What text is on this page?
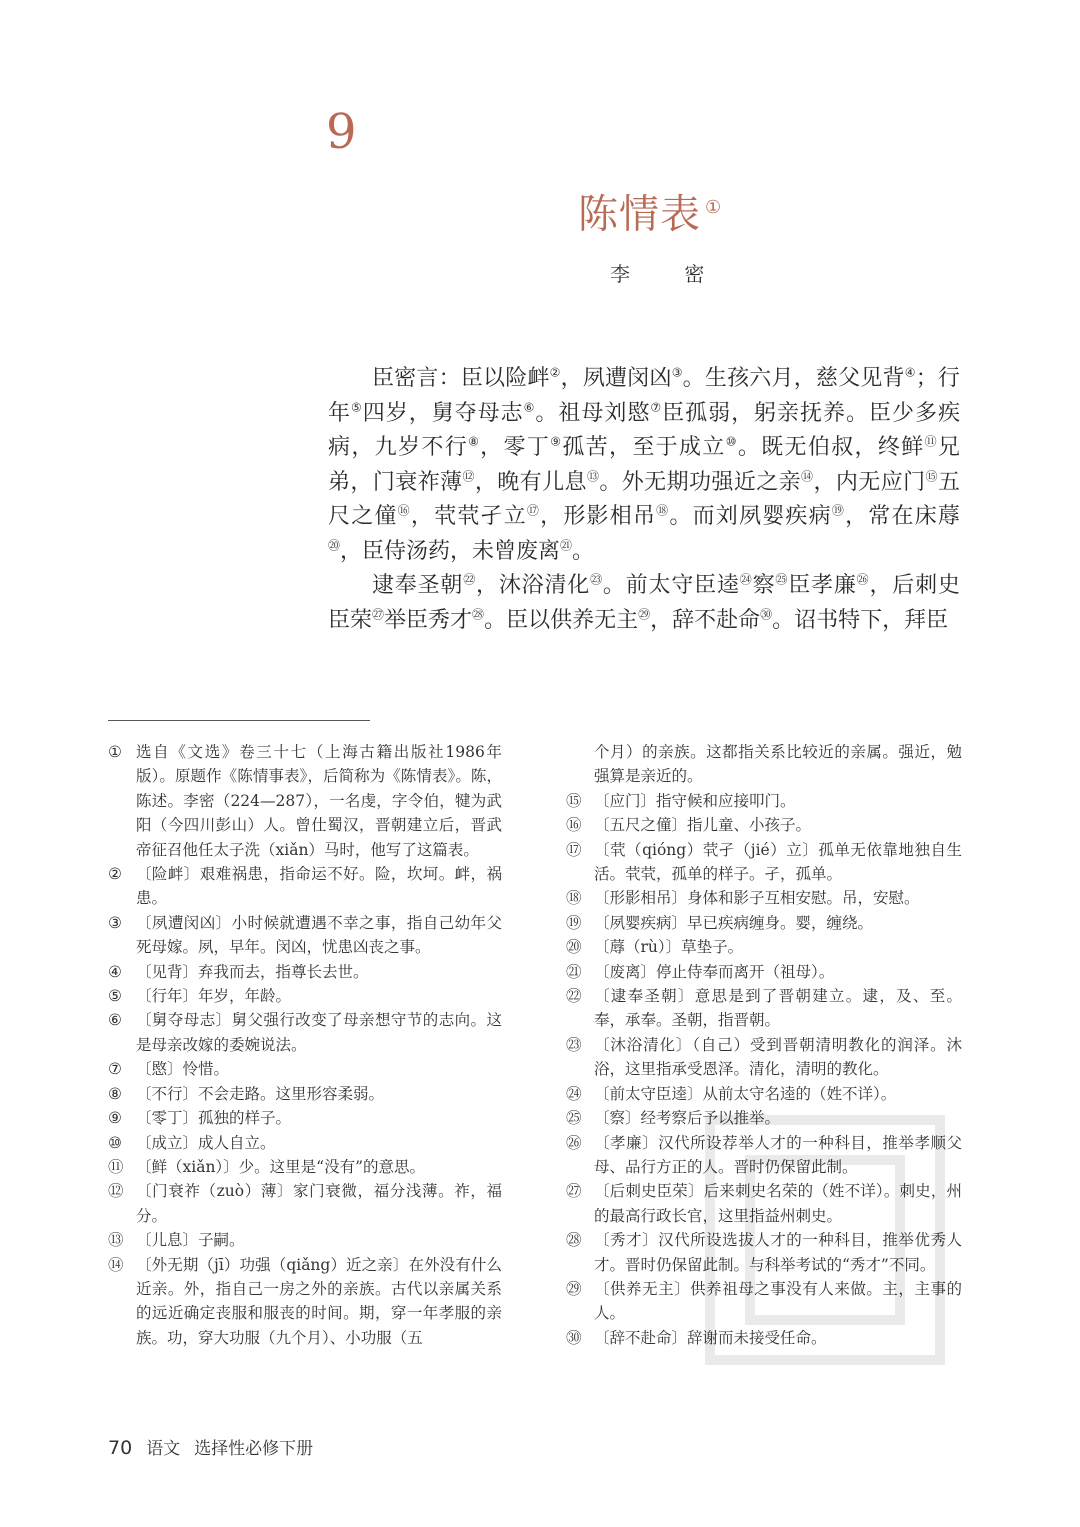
9
陈情表 ①
李 密

臣密言：臣以险衅②，夙遭闵凶③。生孩六月，慈父见背④；行年⑤四岁，舅夺母志⑥。祖母刘愍⑦臣孤弱，躬亲抚养。臣少多疾病，九岁不行⑧，零丁⑨孤苦，至于成立⑩。既无伯叔，终鲜⑪兄弟，门衰祚薄⑫，晚有儿息⑬。外无期功强近之亲⑭，内无应门⑮五尺之僮⑯，茕茕孑立⑰，形影相吊⑱。而刘夙婴疾病⑲，常在床蓐⑳，臣侍汤药，未曾废离$^㉑$。

逮奉圣朝$^㉒$，沐浴清化$^㉓$。前太守臣逵$^㉔$察$^㉕$臣孝廉$^㉖$，后刺史臣荣$^㉗$举臣秀才$^㉘$。臣以供养无主$^㉙$，辞不赴命$^㉚$。诏书特下，拜臣

① 选自《文选》卷三十七（上海古籍出版社1986年版）。原题作《陈情事表》，后简称为《陈情表》。陈，陈述。李密（224—287），一名虔，字令伯，犍为武阳（今四川彭山）人。曾仕蜀汉，晋朝建立后，晋武帝征召他任太子洗（xiǎn）马时，他写了这篇表。
② 〔险衅〕艰难祸患，指命运不好。险，坎坷。衅，祸患。
③ 〔夙遭闵凶〕小时候就遭遇不幸之事，指自己幼年父死母嫁。夙，早年。闵凶，忧患凶丧之事。
④ 〔见背〕弃我而去，指尊长去世。
⑤ 〔行年〕年岁，年龄。
⑥ 〔舅夺母志〕舅父强行改变了母亲想守节的志向。这是母亲改嫁的委婉说法。
⑦ 〔愍〕怜惜。
⑧ 〔不行〕不会走路。这里形容柔弱。
⑨ 〔零丁〕孤独的样子。
⑩ 〔成立〕成人自立。
⑪ 〔鲜（xiǎn）〕少。这里是“没有”的意思。
⑫ 〔门衰祚（zuò）薄〕家门衰微，福分浅薄。祚，福分。
⑬ 〔儿息〕子嗣。
⑭ 〔外无期（jī）功强（qiǎng）近之亲〕在外没有什么近亲。外，指自己一房之外的亲族。古代以亲属关系的远近确定丧服和服丧的时间。期，穿一年孝服的亲族。功，穿大功服（九个月）、小功服（五
个月）的亲族。这都指关系比较近的亲属。强近，勉强算是亲近的。
⑮ 〔应门〕指守候和应接叩门。
⑯ 〔五尺之僮〕指儿童、小孩子。
⑰ 〔茕（qióng）茕孑（jié）立〕孤单无依靠地独自生活。茕茕，孤单的样子。孑，孤单。
⑱ 〔形影相吊〕身体和影子互相安慰。吊，安慰。
⑲ 〔夙婴疾病〕早已疾病缠身。婴，缠绕。
⑳ 〔蓐（rù）〕草垫子。
㉑ 〔废离〕停止侍奉而离开（祖母）。
㉒ 〔逮奉圣朝〕意思是到了晋朝建立。逮，及、至。奉，承奉。圣朝，指晋朝。
㉓ 〔沐浴清化〕（自己）受到晋朝清明教化的润泽。沐浴，这里指承受恩泽。清化，清明的教化。
㉔ 〔前太守臣逵〕从前太守名逵的（姓不详）。
㉕ 〔察〕经考察后予以推举。
㉖ 〔孝廉〕汉代所设荐举人才的一种科目，推举孝顺父母、品行方正的人。晋时仍保留此制。
㉗ 〔后刺史臣荣〕后来刺史名荣的（姓不详）。刺史，州的最高行政长官，这里指益州刺史。
㉘ 〔秀才〕汉代所设选拔人才的一种科目，推举优秀人才。晋时仍保留此制。与科举考试的“秀才”不同。
㉙ 〔供养无主〕供养祖母之事没有人来做。主，主事的人。
㉚ 〔辞不赴命〕辞谢而未接受任命。
70 语文 选择性必修下册
